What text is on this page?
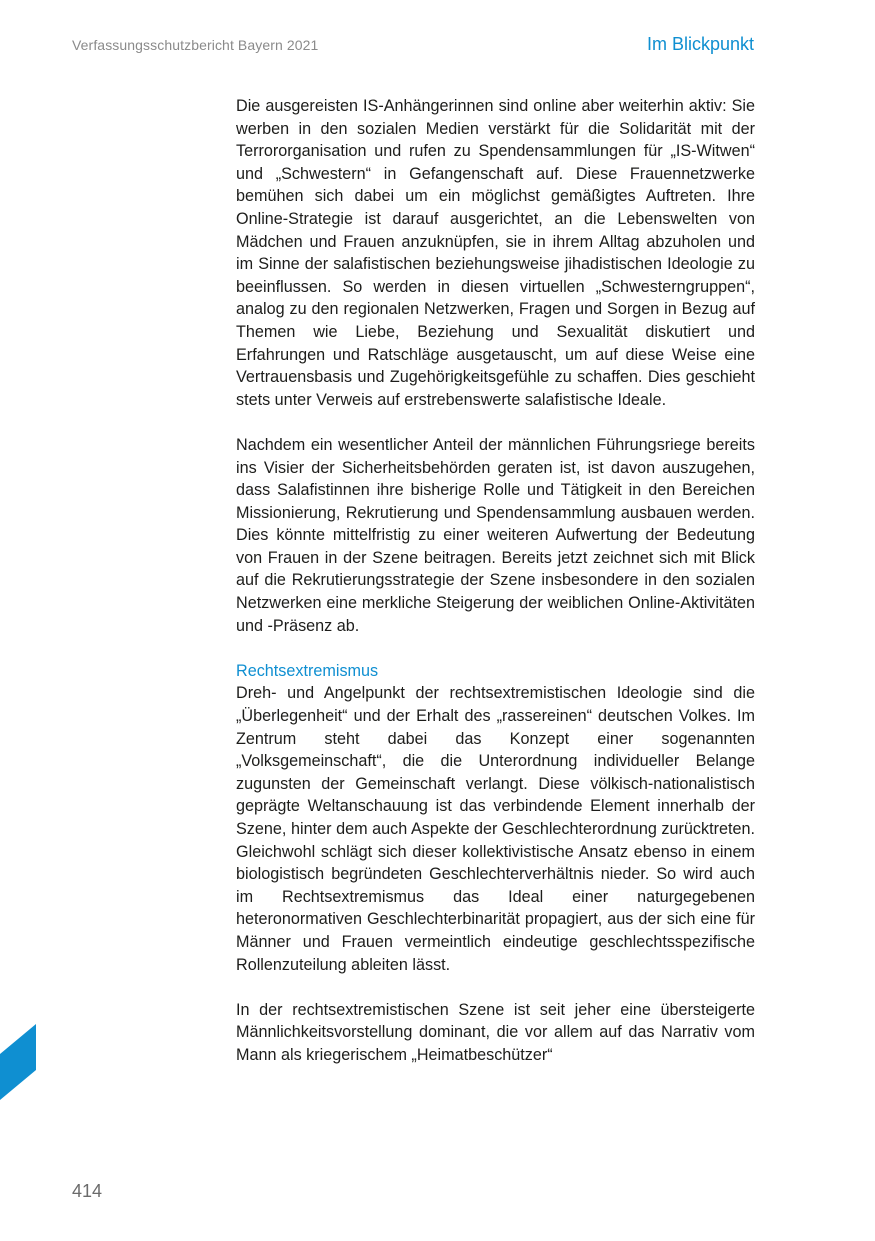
Verfassungsschutzbericht Bayern 2021	Im Blickpunkt

Die ausgereisten IS-Anhängerinnen sind online aber weiterhin aktiv: Sie werben in den sozialen Medien verstärkt für die Solidarität mit der Terrororganisation und rufen zu Spendensammlungen für „IS-Witwen“ und „Schwestern“ in Gefangenschaft auf. Diese Frauennetzwerke bemühen sich dabei um ein möglichst gemäßigtes Auftreten. Ihre Online-Strategie ist darauf ausgerichtet, an die Lebenswelten von Mädchen und Frauen anzuknüpfen, sie in ihrem Alltag abzuholen und im Sinne der salafistischen beziehungsweise jihadistischen Ideologie zu beeinflussen. So werden in diesen virtuellen „Schwesterngruppen“, analog zu den regionalen Netzwerken, Fragen und Sorgen in Bezug auf Themen wie Liebe, Beziehung und Sexualität diskutiert und Erfahrungen und Ratschläge ausgetauscht, um auf diese Weise eine Vertrauensbasis und Zugehörigkeitsgefühle zu schaffen. Dies geschieht stets unter Verweis auf erstrebenswerte salafistische Ideale.

Nachdem ein wesentlicher Anteil der männlichen Führungsriege bereits ins Visier der Sicherheitsbehörden geraten ist, ist davon auszugehen, dass Salafistinnen ihre bisherige Rolle und Tätigkeit in den Bereichen Missionierung, Rekrutierung und Spendensammlung ausbauen werden. Dies könnte mittelfristig zu einer weiteren Aufwertung der Bedeutung von Frauen in der Szene beitragen. Bereits jetzt zeichnet sich mit Blick auf die Rekrutierungsstrategie der Szene insbesondere in den sozialen Netzwerken eine merkliche Steigerung der weiblichen Online-Aktivitäten und -Präsenz ab.

Rechtsextremismus

Dreh- und Angelpunkt der rechtsextremistischen Ideologie sind die „Überlegenheit“ und der Erhalt des „rassereinen“ deutschen Volkes. Im Zentrum steht dabei das Konzept einer sogenannten „Volksgemeinschaft“, die die Unterordnung individueller Belange zugunsten der Gemeinschaft verlangt. Diese völkisch-nationalistisch geprägte Weltanschauung ist das verbindende Element innerhalb der Szene, hinter dem auch Aspekte der Geschlechterordnung zurücktreten. Gleichwohl schlägt sich dieser kollektivistische Ansatz ebenso in einem biologistisch begründeten Geschlechterverhältnis nieder. So wird auch im Rechtsextremismus das Ideal einer naturgegebenen heteronormativen Geschlechterbinarität propagiert, aus der sich eine für Männer und Frauen vermeintlich eindeutige geschlechtsspezifische Rollenzuteilung ableiten lässt.

In der rechtsextremistischen Szene ist seit jeher eine übersteigerte Männlichkeitsvorstellung dominant, die vor allem auf das Narrativ vom Mann als kriegerischem „Heimatbeschützer“

414
